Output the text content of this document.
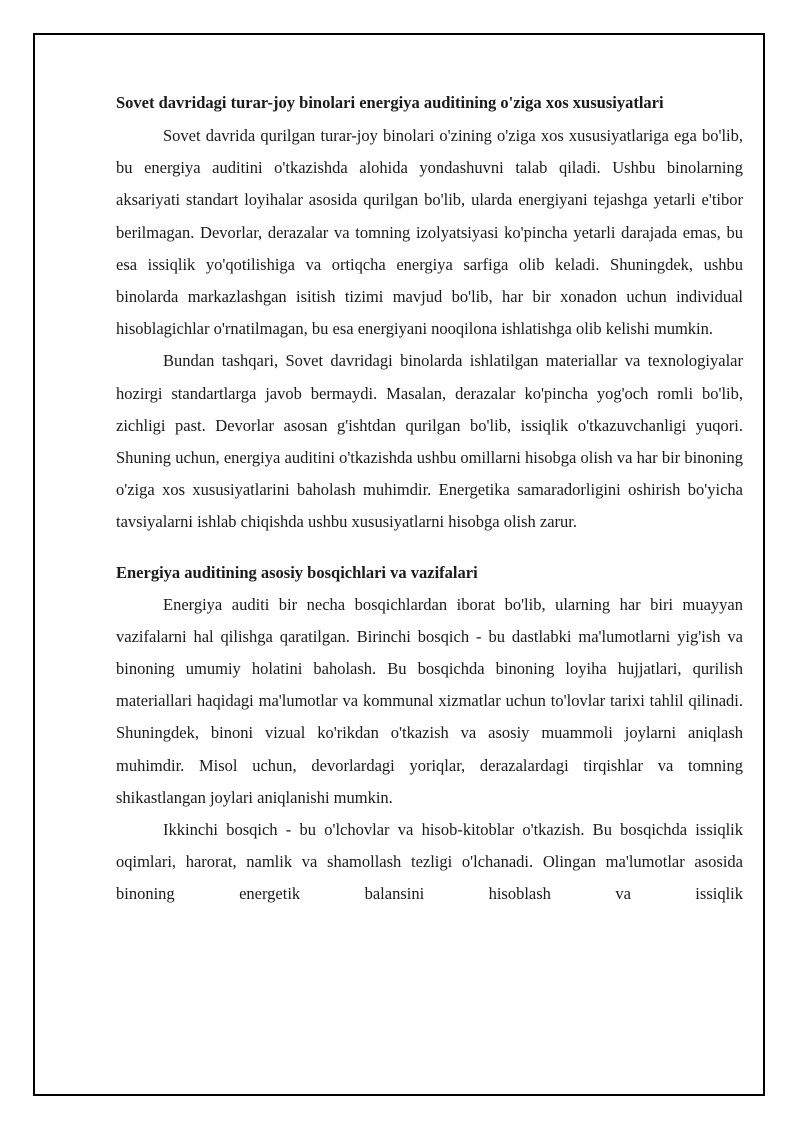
Sovet davridagi turar-joy binolari energiya auditining o'ziga xos xususiyatlari

Sovet davrida qurilgan turar-joy binolari o'zining o'ziga xos xususiyatlariga ega bo'lib, bu energiya auditini o'tkazishda alohida yondashuvni talab qiladi. Ushbu binolarning aksariyati standart loyihalar asosida qurilgan bo'lib, ularda energiyani tejashga yetarli e'tibor berilmagan. Devorlar, derazalar va tomning izolyatsiyasi ko'pincha yetarli darajada emas, bu esa issiqlik yo'qotilishiga va ortiqcha energiya sarfiga olib keladi. Shuningdek, ushbu binolarda markazlashgan isitish tizimi mavjud bo'lib, har bir xonadon uchun individual hisoblagichlar o'rnatilmagan, bu esa energiyani nooqilona ishlatishga olib kelishi mumkin.

Bundan tashqari, Sovet davridagi binolarda ishlatilgan materiallar va texnologiyalar hozirgi standartlarga javob bermaydi. Masalan, derazalar ko'pincha yog'och romli bo'lib, zichligi past. Devorlar asosan g'ishtdan qurilgan bo'lib, issiqlik o'tkazuvchanligi yuqori. Shuning uchun, energiya auditini o'tkazishda ushbu omillarni hisobga olish va har bir binoning o'ziga xos xususiyatlarini baholash muhimdir. Energetika samaradorligini oshirish bo'yicha tavsiyalarni ishlab chiqishda ushbu xususiyatlarni hisobga olish zarur.

Energiya auditining asosiy bosqichlari va vazifalari

Energiya auditi bir necha bosqichlardan iborat bo'lib, ularning har biri muayyan vazifalarni hal qilishga qaratilgan. Birinchi bosqich - bu dastlabki ma'lumotlarni yig'ish va binoning umumiy holatini baholash. Bu bosqichda binoning loyiha hujjatlari, qurilish materiallari haqidagi ma'lumotlar va kommunal xizmatlar uchun to'lovlar tarixi tahlil qilinadi. Shuningdek, binoni vizual ko'rikdan o'tkazish va asosiy muammoli joylarni aniqlash muhimdir. Misol uchun, devorlardagi yoriqlar, derazalardagi tirqishlar va tomning shikastlangan joylari aniqlanishi mumkin.

Ikkinchi bosqich - bu o'lchovlar va hisob-kitoblar o'tkazish. Bu bosqichda issiqlik oqimlari, harorat, namlik va shamollash tezligi o'lchanadi. Olingan ma'lumotlar asosida binoning energetik balansini hisoblash va issiqlik
